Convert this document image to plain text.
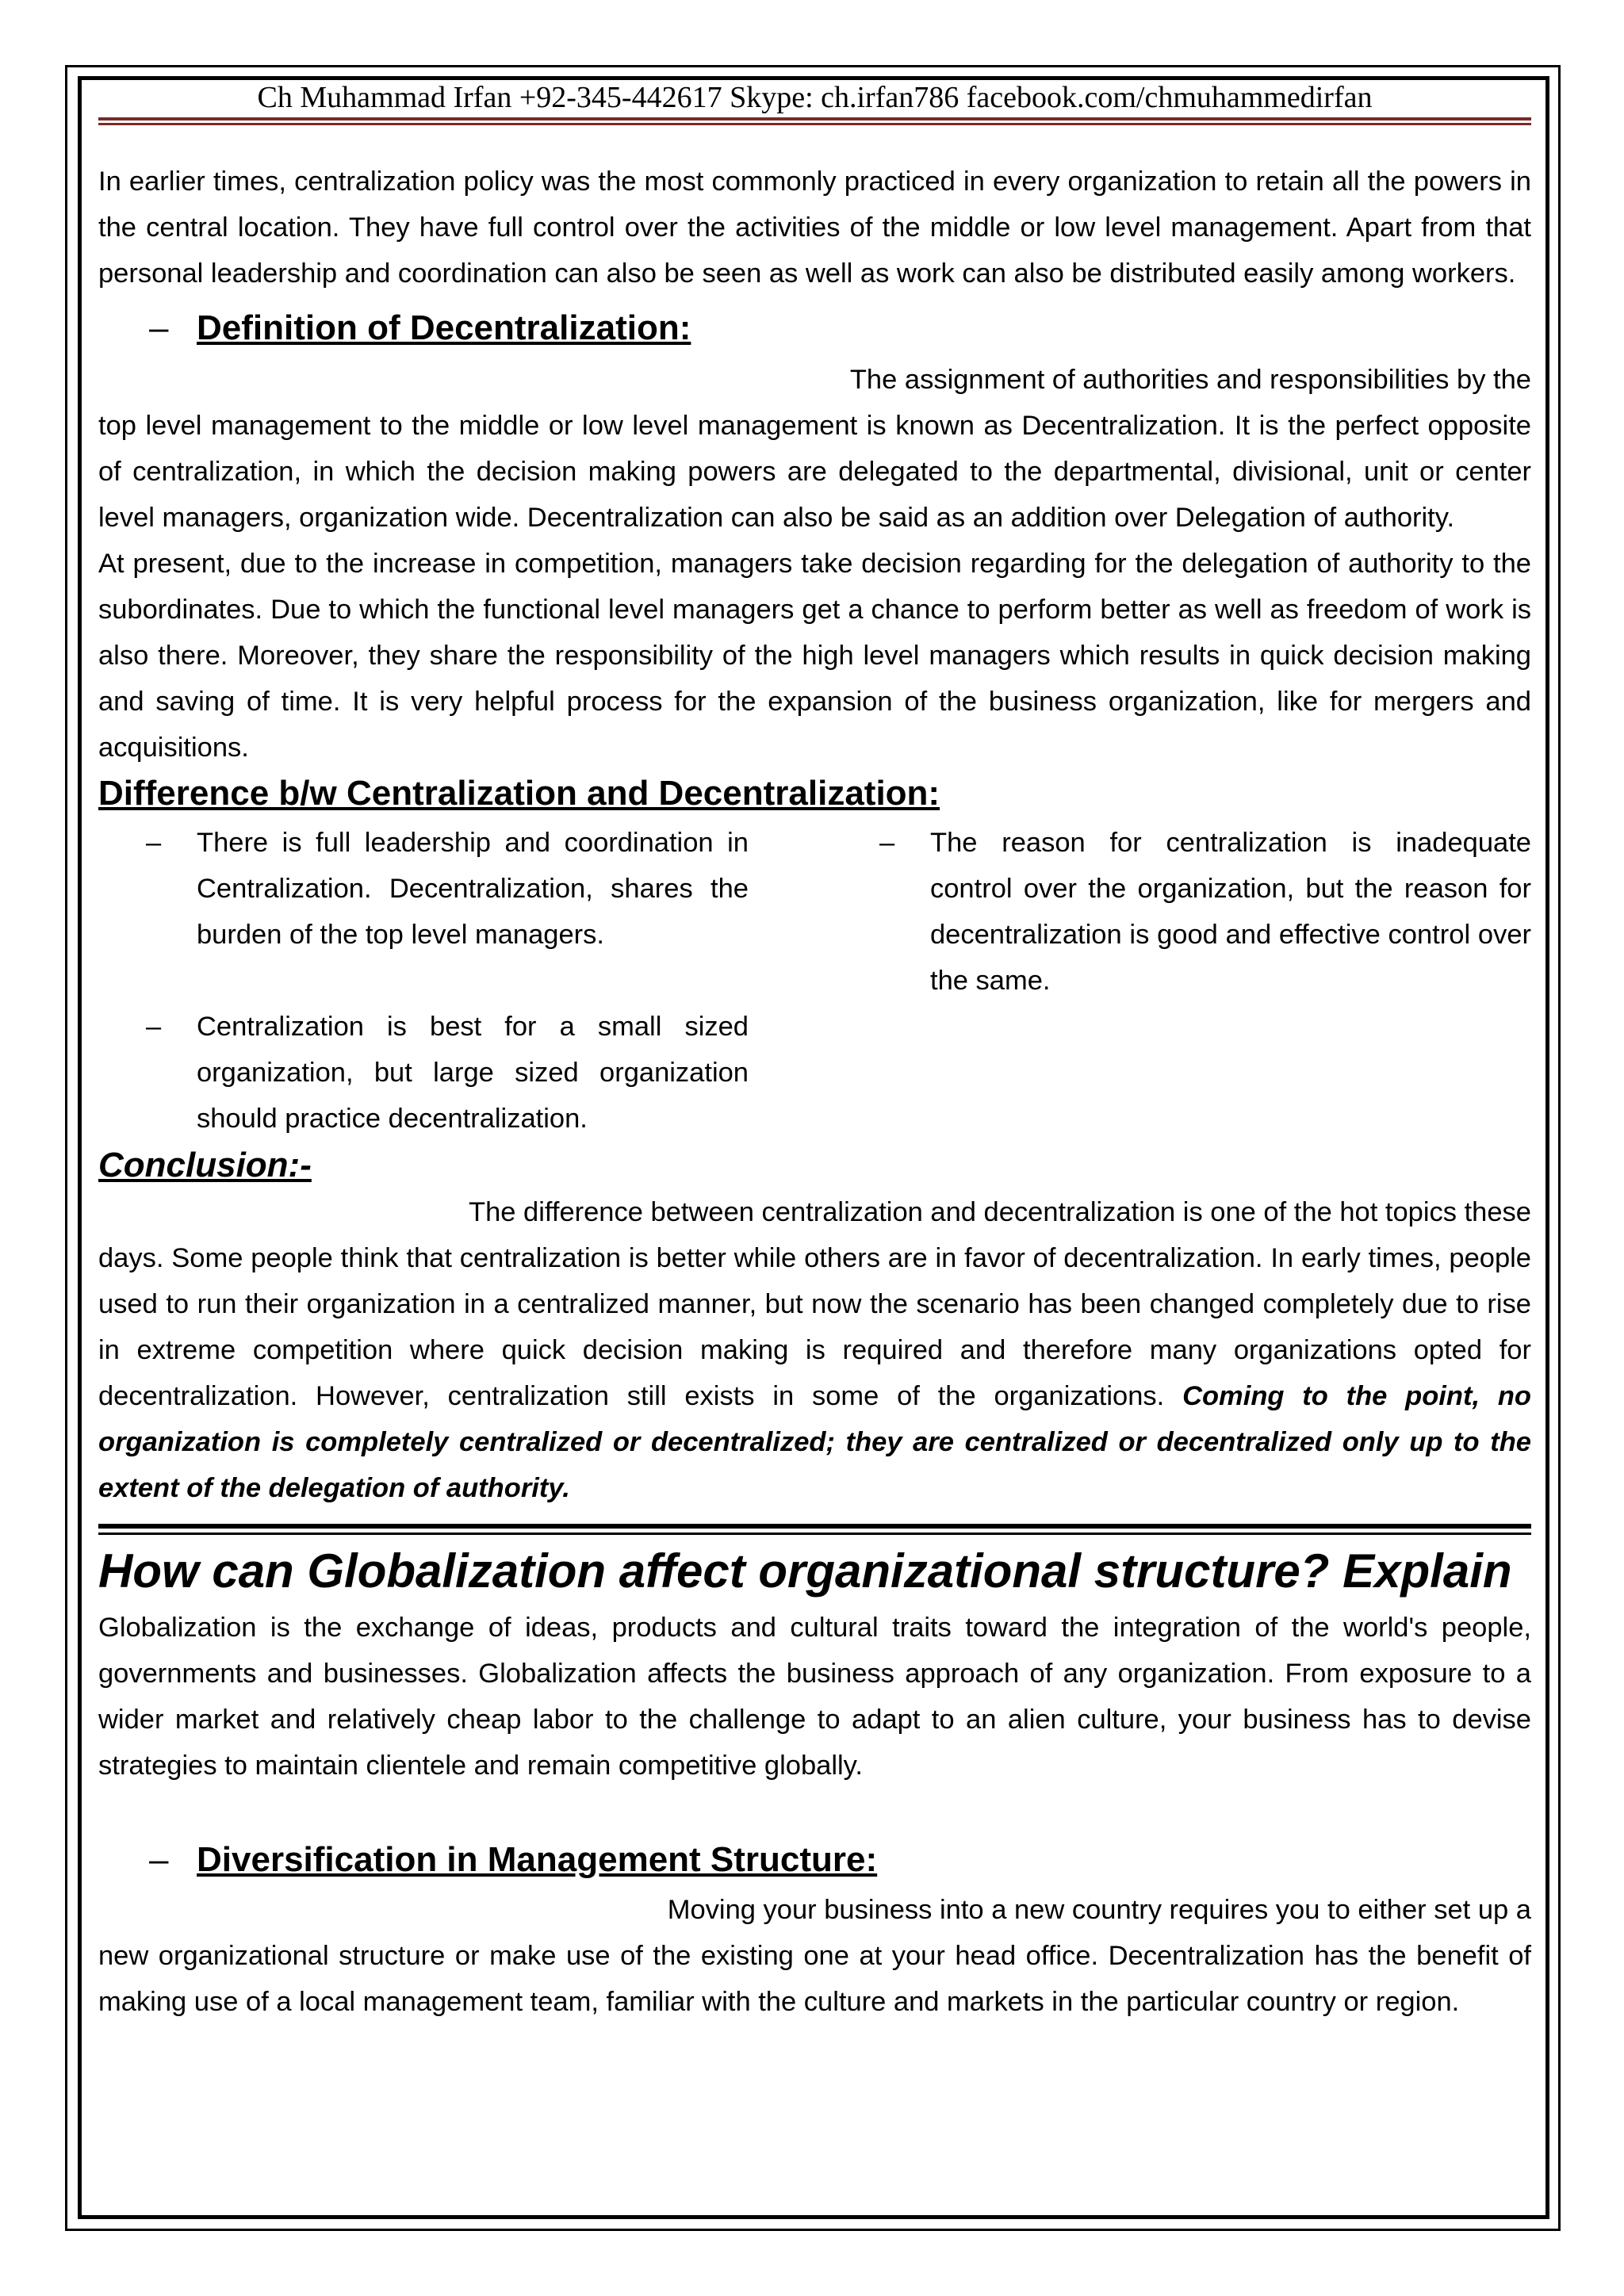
Ch Muhammad Irfan +92-345-442617 Skype: ch.irfan786 facebook.com/chmuhammedirfan

In earlier times, centralization policy was the most commonly practiced in every organization to retain all the powers in the central location. They have full control over the activities of the middle or low level management. Apart from that personal leadership and coordination can also be seen as well as work can also be distributed easily among workers.

– Definition of Decentralization:

The assignment of authorities and responsibilities by the

top level management to the middle or low level management is known as Decentralization. It is the perfect opposite of centralization, in which the decision making powers are delegated to the departmental, divisional, unit or center level managers, organization wide. Decentralization can also be said as an addition over Delegation of authority.

At present, due to the increase in competition, managers take decision regarding for the delegation of authority to the subordinates. Due to which the functional level managers get a chance to perform better as well as freedom of work is also there. Moreover, they share the responsibility of the high level managers which results in quick decision making and saving of time. It is very helpful process for the expansion of the business organization, like for mergers and acquisitions.

Difference b/w Centralization and Decentralization:
– There is full leadership and coordination in Centralization. Decentralization, shares the burden of the top level managers.

– Centralization is best for a small sized organization, but large sized organization should practice decentralization.

– The reason for centralization is inadequate control over the organization, but the reason for decentralization is good and effective control over the same.

Conclusion:-

The difference between centralization and decentralization is one of the hot topics these

days. Some people think that centralization is better while others are in favor of decentralization. In early times, people used to run their organization in a centralized manner, but now the scenario has been changed completely due to rise in extreme competition where quick decision making is required and therefore many organizations opted for decentralization. However, centralization still exists in some of the organizations. Coming to the point, no organization is completely centralized or decentralized; they are centralized or decentralized only up to the extent of the delegation of authority.

How can Globalization affect organizational structure? Explain

Globalization is the exchange of ideas, products and cultural traits toward the integration of the world's people, governments and businesses. Globalization affects the business approach of any organization. From exposure to a wider market and relatively cheap labor to the challenge to adapt to an alien culture, your business has to devise strategies to maintain clientele and remain competitive globally.

– Diversification in Management Structure:

Moving your business into a new country requires you to either set up a

new organizational structure or make use of the existing one at your head office. Decentralization has the benefit of making use of a local management team, familiar with the culture and markets in the particular country or region.
